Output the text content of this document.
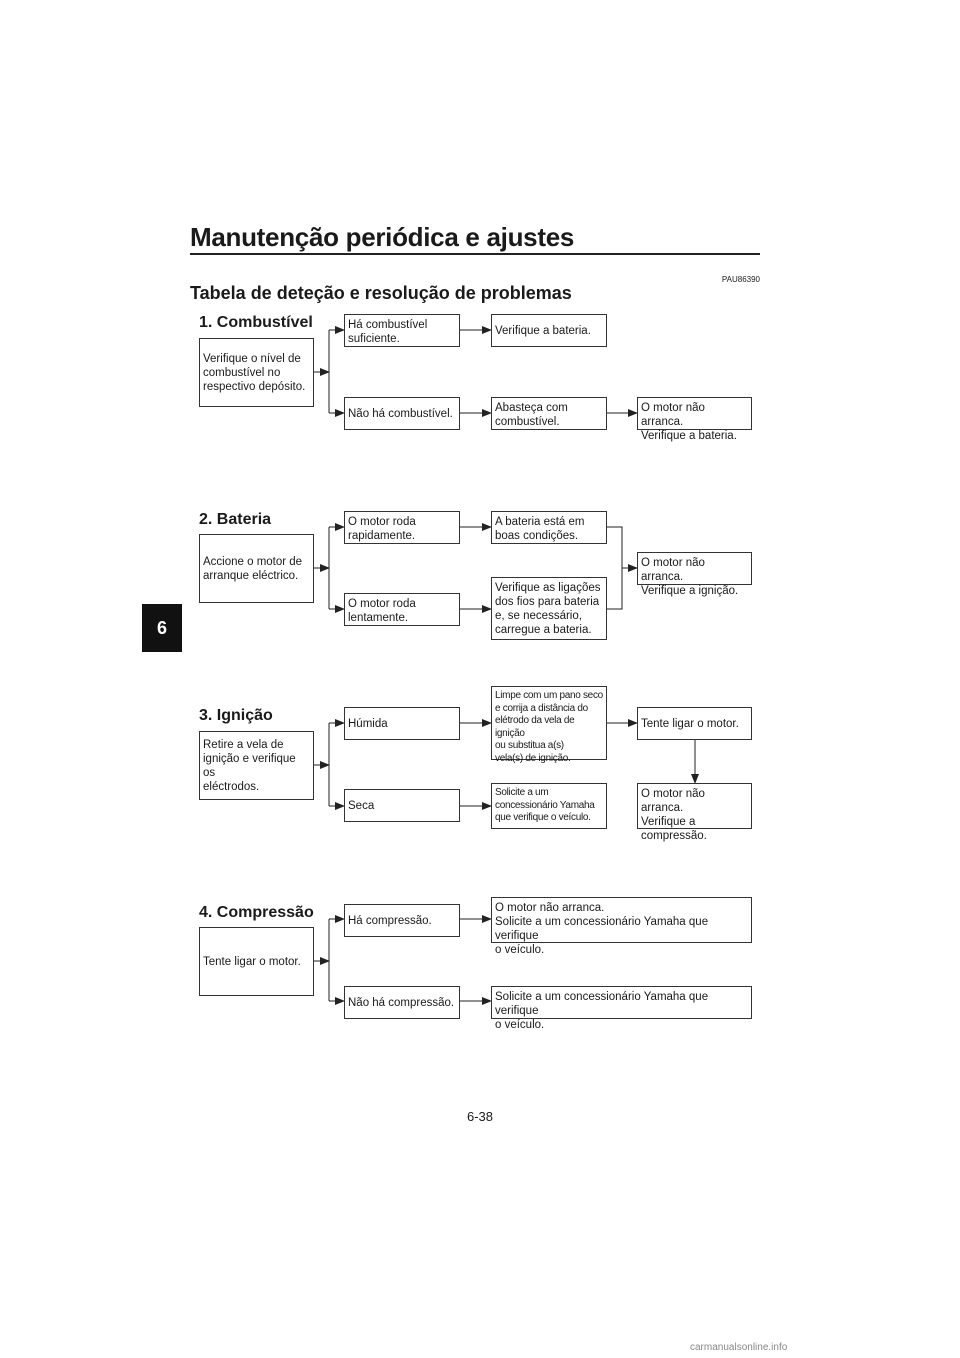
Manutenção periódica e ajustes
PAU86390
Tabela de deteção e resolução de problemas
6
1. Combustível
Verifique o nível de
combustível no
respectivo depósito.
Há combustível
suficiente.
Verifique a bateria.
Não há combustível.	Abasteça com
combustível.
O motor não arranca.
Verifique a bateria.
2. Bateria
Accione o motor de
arranque eléctrico.
O motor roda
rapidamente.
A bateria está em
boas condições.
O motor roda
lentamente.
Verifique as ligações
dos fios para bateria
e, se necessário,
carregue a bateria.
O motor não arranca.
Verifique a ignição.
3. Ignição
Retire a vela de
ignição e verifique os
eléctrodos.
Húmida
Limpe com um pano seco
e corrija a distância do
elétrodo da vela de ignição
ou substitua a(s)
vela(s) de ignição.
Tente ligar o motor.
Seca
Solicite a um
concessionário Yamaha
que verifique o veículo.
O motor não arranca.
Verifique a
compressão.
4. Compressão
Tente ligar o motor.
Há compressão.
O motor não arranca.
Solicite a um concessionário Yamaha que verifique
o veículo.
Não há compressão.	Solicite a um concessionário Yamaha que verifique
o veículo.
6-38
carmanualsonline.info
